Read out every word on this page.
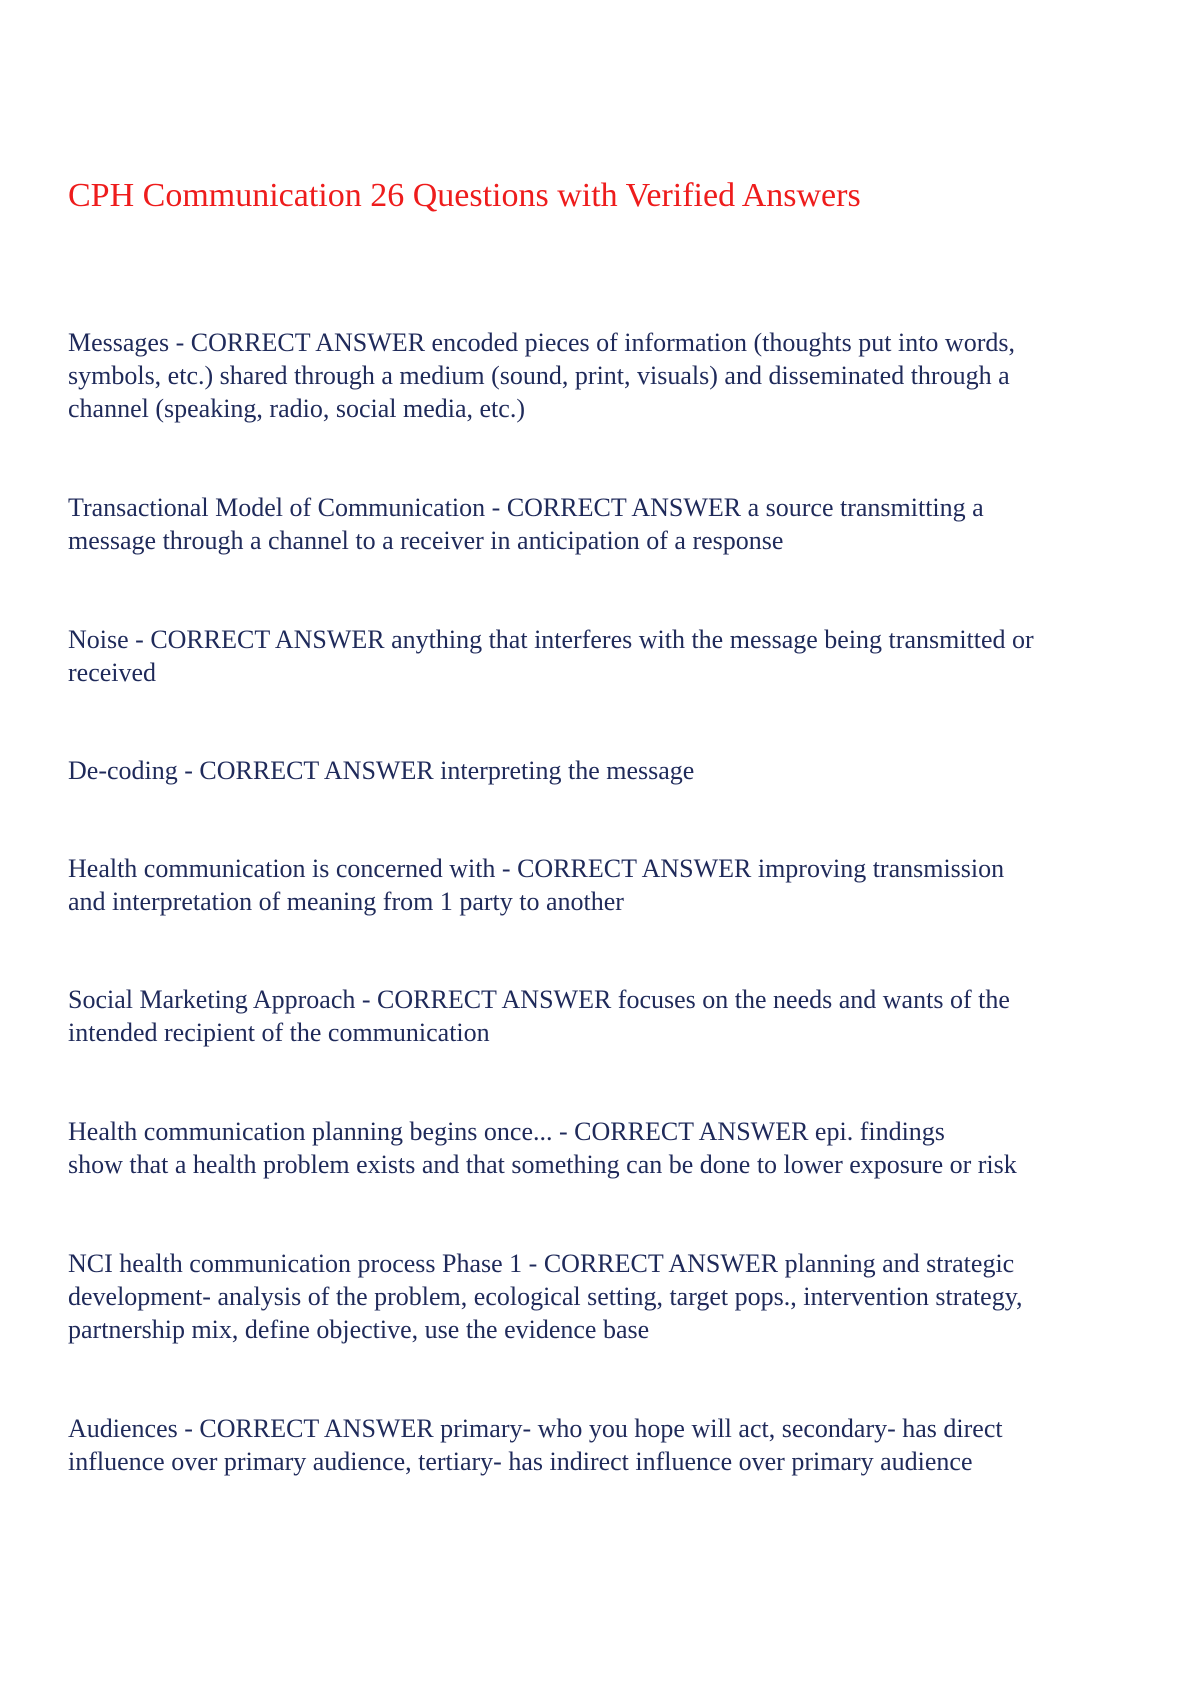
CPH Communication 26 Questions with Verified Answers

Messages - CORRECT ANSWER encoded pieces of information (thoughts put into words,
symbols, etc.) shared through a medium (sound, print, visuals) and disseminated through a
channel (speaking, radio, social media, etc.)

Transactional Model of Communication - CORRECT ANSWER a source transmitting a
message through a channel to a receiver in anticipation of a response

Noise - CORRECT ANSWER anything that interferes with the message being transmitted or
received

De-coding - CORRECT ANSWER interpreting the message

Health communication is concerned with - CORRECT ANSWER improving transmission
and interpretation of meaning from 1 party to another

Social Marketing Approach - CORRECT ANSWER focuses on the needs and wants of the
intended recipient of the communication

Health communication planning begins once... - CORRECT ANSWER epi. findings
show that a health problem exists and that something can be done to lower exposure or risk

NCI health communication process Phase 1 - CORRECT ANSWER planning and strategic
development- analysis of the problem, ecological setting, target pops., intervention strategy,
partnership mix, define objective, use the evidence base

Audiences - CORRECT ANSWER primary- who you hope will act, secondary- has direct
influence over primary audience, tertiary- has indirect influence over primary audience
